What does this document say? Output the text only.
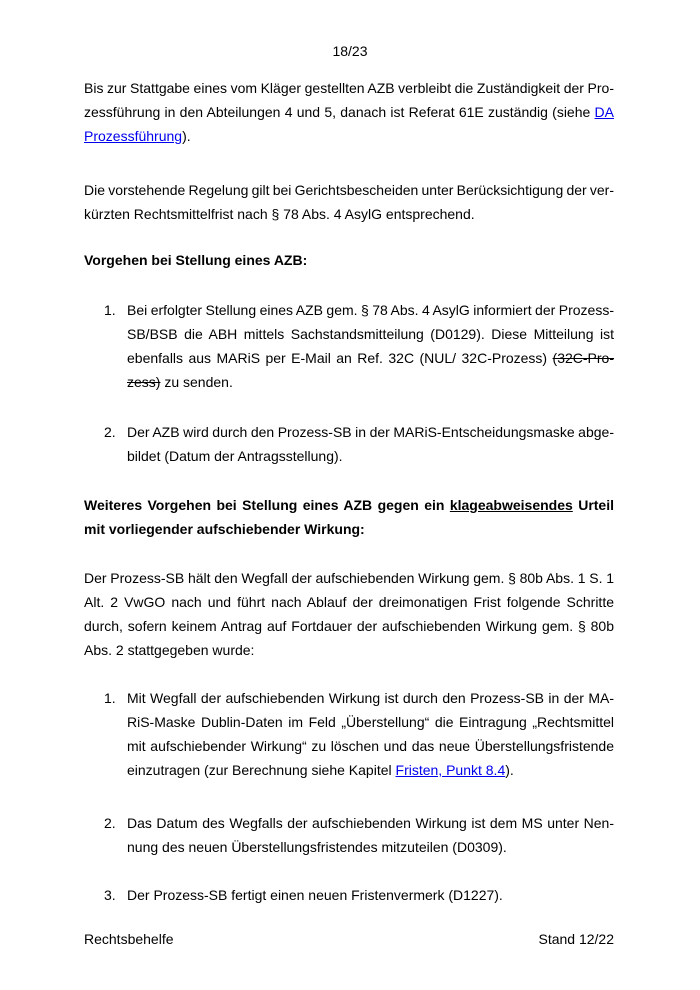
18/23
Bis zur Stattgabe eines vom Kläger gestellten AZB verbleibt die Zuständigkeit der Pro-
zessführung in den Abteilungen 4 und 5, danach ist Referat 61E zuständig (siehe DA
Prozessführung).
Die vorstehende Regelung gilt bei Gerichtsbescheiden unter Berücksichtigung der ver-
kürzten Rechtsmittelfrist nach § 78 Abs. 4 AsylG entsprechend.
Vorgehen bei Stellung eines AZB:
1. Bei erfolgter Stellung eines AZB gem. § 78 Abs. 4 AsylG informiert der Prozess-
SB/BSB die ABH mittels Sachstandsmitteilung (D0129). Diese Mitteilung ist
ebenfalls aus MARiS per E-Mail an Ref. 32C (NUL/ 32C-Prozess) (32C-Pro-
zess) zu senden.
2. Der AZB wird durch den Prozess-SB in der MARiS-Entscheidungsmaske abge-
bildet (Datum der Antragsstellung).
Weiteres Vorgehen bei Stellung eines AZB gegen ein klageabweisendes Urteil
mit vorliegender aufschiebender Wirkung:
Der Prozess-SB hält den Wegfall der aufschiebenden Wirkung gem. § 80b Abs. 1 S. 1
Alt. 2 VwGO nach und führt nach Ablauf der dreimonatigen Frist folgende Schritte
durch, sofern keinem Antrag auf Fortdauer der aufschiebenden Wirkung gem. § 80b
Abs. 2 stattgegeben wurde:
1. Mit Wegfall der aufschiebenden Wirkung ist durch den Prozess-SB in der MA-
RiS-Maske Dublin-Daten im Feld „Überstellung“ die Eintragung „Rechtsmittel
mit aufschiebender Wirkung“ zu löschen und das neue Überstellungsfristende
einzutragen (zur Berechnung siehe Kapitel Fristen, Punkt 8.4).
2. Das Datum des Wegfalls der aufschiebenden Wirkung ist dem MS unter Nen-
nung des neuen Überstellungsfristendes mitzuteilen (D0309).
3. Der Prozess-SB fertigt einen neuen Fristenvermerk (D1227).
Rechtsbehelfe	Stand 12/22
